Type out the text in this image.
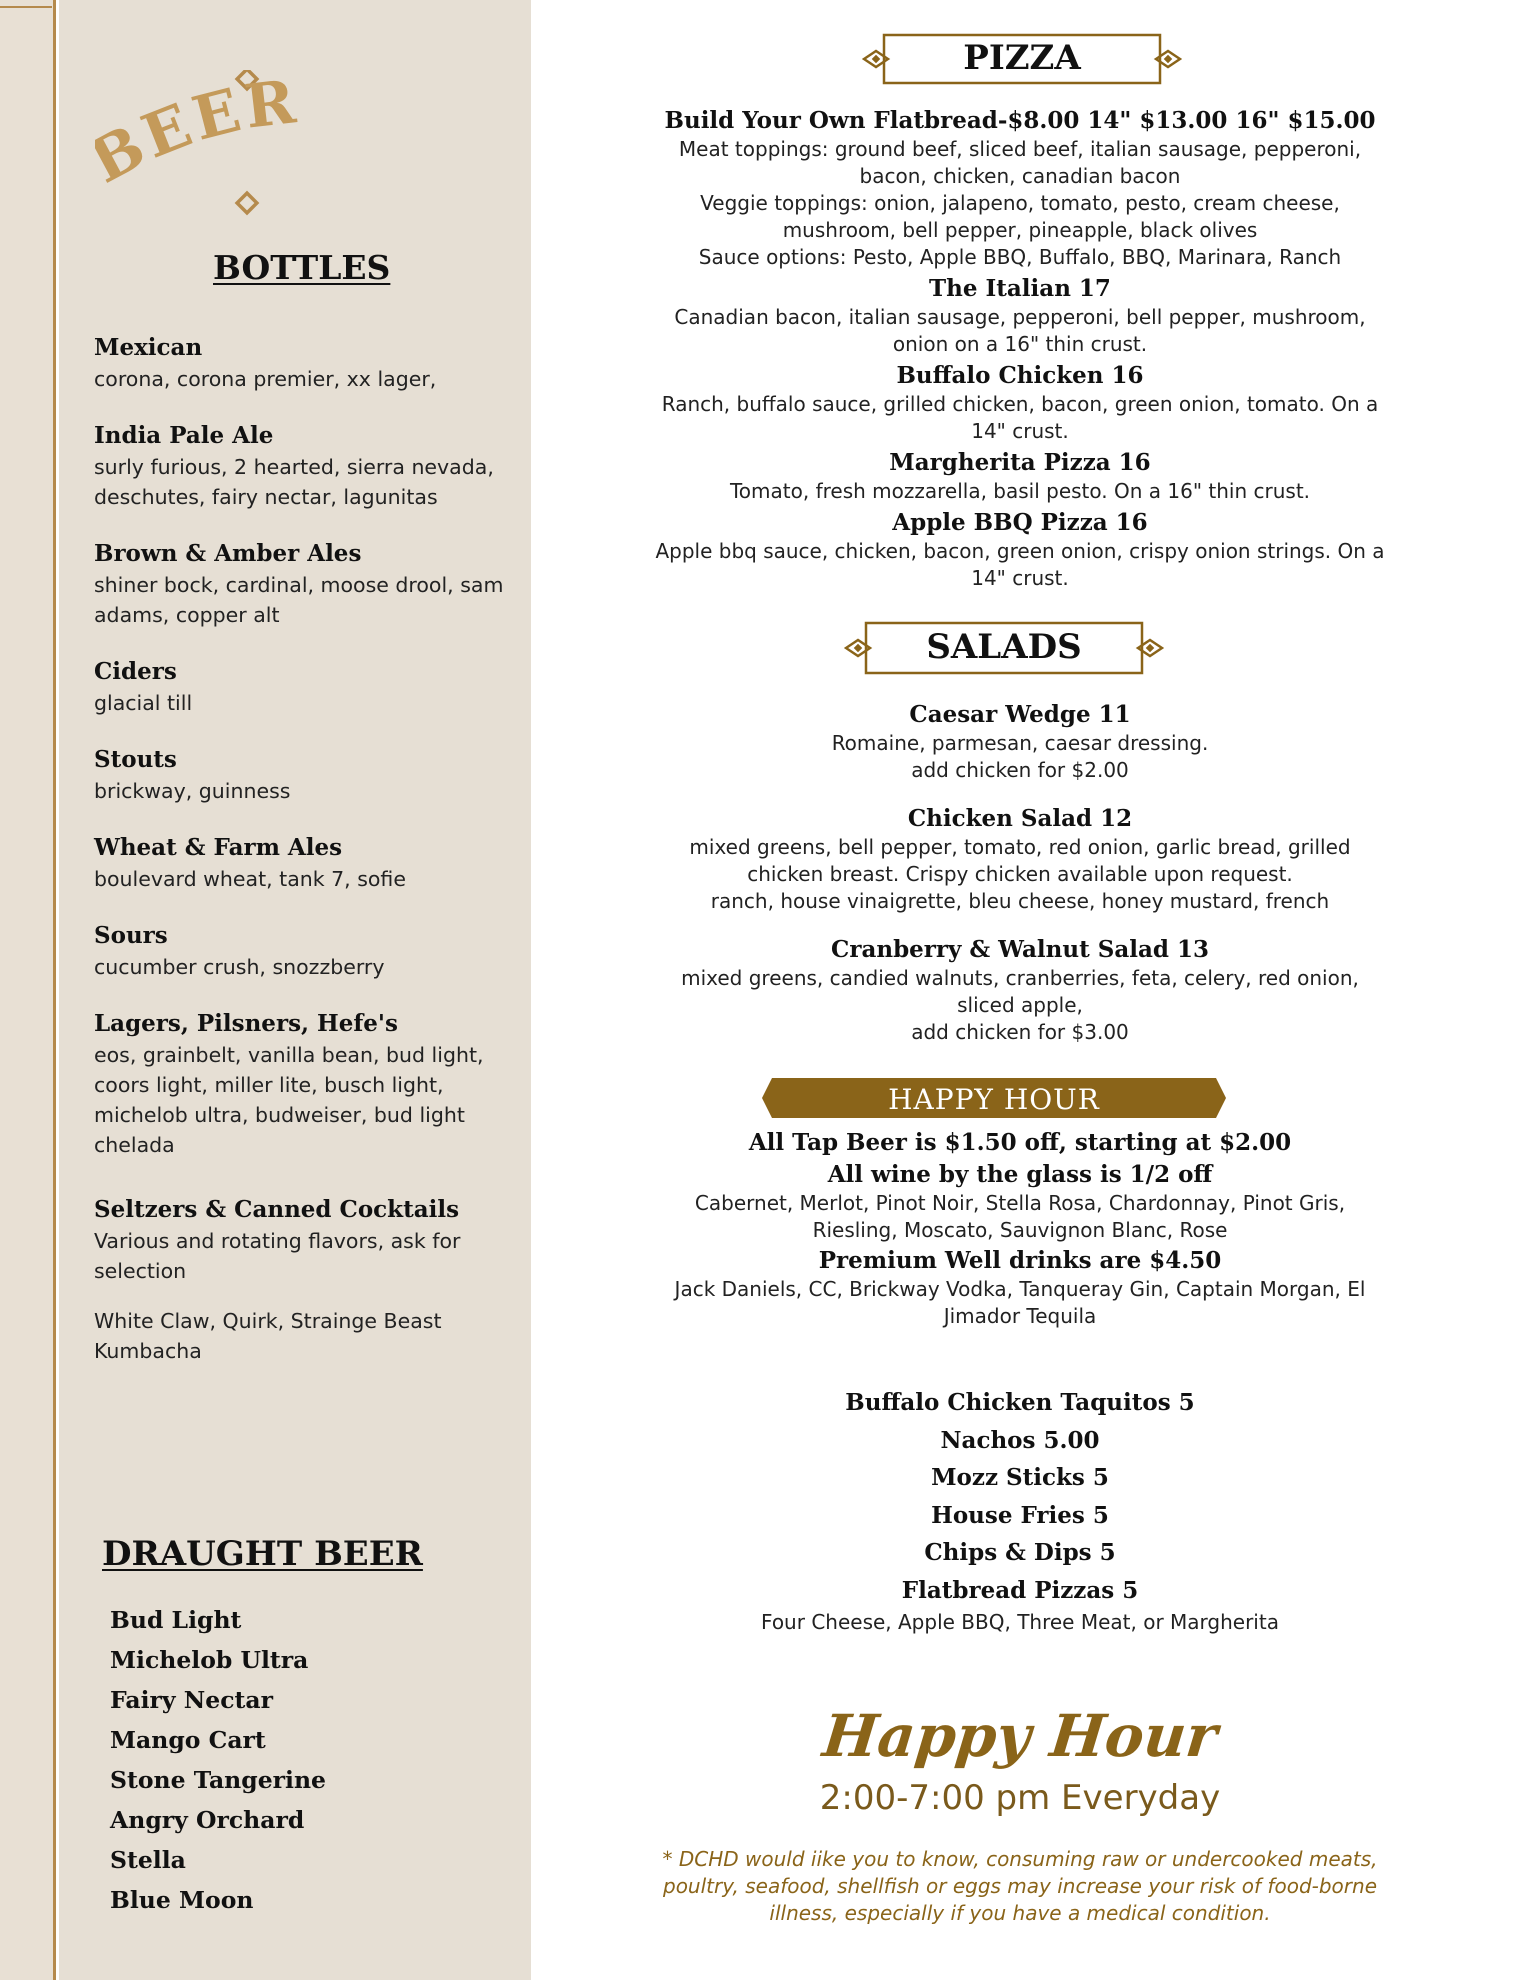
EER
BOTTLES
Mexican
corona, corona premier, xx lager,
India Pale Ale
surly furious, 2 hearted, sierra nevada, deschutes, fairy nectar, lagunitas
Brown & Amber Ales
shiner bock, cardinal, moose drool, sam adams, copper alt
Ciders
glacial till
Stouts
brickway, guinness
Wheat & Farm Ales
boulevard wheat, tank 7, sofie
Sours
cucumber crush, snozzberry
Lagers, Pilsners, Hefe's
eos, grainbelt, vanilla bean, bud light, coors light, miller lite, busch light, michelob ultra, budweiser, bud light chelada
Seltzers & Canned Cocktails
Various and rotating flavors, ask for selection
White Claw, Quirk, Strainge Beast Kumbacha
DRAUGHT BEER
Bud Light
Michelob Ultra
Fairy Nectar
Mango Cart
Stone Tangerine
Angry Orchard
Stella
Blue Moon
PIZZA
Build Your Own Flatbread-$8.00 14" $13.00 16" $15.00
Meat toppings: ground beef, sliced beef, italian sausage, pepperoni,
bacon, chicken, canadian bacon
Veggie toppings: onion, jalapeno, tomato, pesto, cream cheese,
mushroom, bell pepper, pineapple, black olives
Sauce options: Pesto, Apple BBQ, Buffalo, BBQ, Marinara, Ranch
The Italian 17
Canadian bacon, italian sausage, pepperoni, bell pepper, mushroom,
onion on a 16" thin crust.
Buffalo Chicken 16
Ranch, buffalo sauce, grilled chicken, bacon, green onion, tomato. On a
14" crust.
Margherita Pizza 16
Tomato, fresh mozzarella, basil pesto. On a 16" thin crust.
Apple BBQ Pizza 16
Apple bbq sauce, chicken, bacon, green onion, crispy onion strings. On a
14" crust.
SALADS
Caesar Wedge 11
Romaine, parmesan, caesar dressing.
add chicken for $2.00
Chicken Salad 12
mixed greens, bell pepper, tomato, red onion, garlic bread, grilled
chicken breast. Crispy chicken available upon request.
ranch, house vinaigrette, bleu cheese, honey mustard, french
Cranberry & Walnut Salad 13
mixed greens, candied walnuts, cranberries, feta, celery, red onion,
sliced apple,
add chicken for $3.00
HAPPY HOUR
All Tap Beer is $1.50 off, starting at $2.00
All wine by the glass is 1/2 off
Cabernet, Merlot, Pinot Noir, Stella Rosa, Chardonnay, Pinot Gris,
Riesling, Moscato, Sauvignon Blanc, Rose
Premium Well drinks are $4.50
Jack Daniels, CC, Brickway Vodka, Tanqueray Gin, Captain Morgan, El
Jimador Tequila
Buffalo Chicken Taquitos 5
Nachos 5.00
Mozz Sticks 5
House Fries 5
Chips & Dips 5
Flatbread Pizzas 5
Four Cheese, Apple BBQ, Three Meat, or Margherita
Happy Hour
2:00-7:00 pm Everyday
* DCHD would iike you to know, consuming raw or undercooked meats,
poultry, seafood, shellfish or eggs may increase your risk of food-borne
illness, especially if you have a medical condition.
